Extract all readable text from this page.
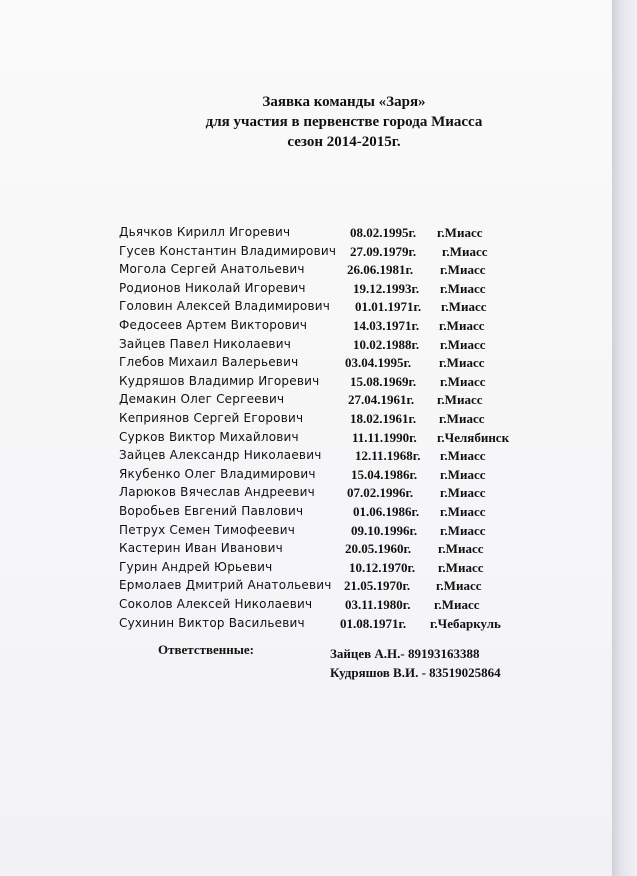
Заявка команды «Заря»
для участия в первенстве города Миасса
сезон 2014-2015г.
Дьячков Кирилл Игоревич	08.02.1995г. г.Миасс
Гусев Константин Владимирович 27.09.1979г. г.Миасс
Могола Сергей Анатольевич	26.06.1981г. г.Миасс
Родионов Николай Игоревич	19.12.1993г. г.Миасс
Головин Алексей Владимирович 01.01.1971г. г.Миасс
Федосеев Артем Викторович	14.03.1971г. г.Миасс
Зайцев Павел Николаевич	10.02.1988г. г.Миасс
Глебов Михаил Валерьевич	03.04.1995г. г.Миасс
Кудряшов Владимир Игоревич 15.08.1969г. г.Миасс
Демакин Олег Сергеевич	27.04.1961г. г.Миасс
Кеприянов Сергей Егорович	18.02.1961г. г.Миасс
Сурков Виктор Михайлович	11.11.1990г. г.Челябинск
Зайцев Александр Николаевич	12.11.1968г. г.Миасс
Якубенко Олег Владимирович	15.04.1986г. г.Миасс
Ларюков Вячеслав Андреевич 07.02.1996г. г.Миасс
Воробьев Евгений Павлович	01.06.1986г. г.Миасс
Петрух Семен Тимофеевич	09.10.1996г. г.Миасс
Кастерин Иван Иванович	20.05.1960г. г.Миасс
Гурин Андрей Юрьевич	10.12.1970г. г.Миасс
Ермолаев Дмитрий Анатольевич 21.05.1970г. г.Миасс
Соколов Алексей Николаевич	03.11.1980г. г.Миасс
Сухинин Виктор Васильевич	01.08.1971г. г.Чебаркуль
Ответственные:	Зайцев А.Н.- 89193163388
Кудряшов В.И. - 83519025864
